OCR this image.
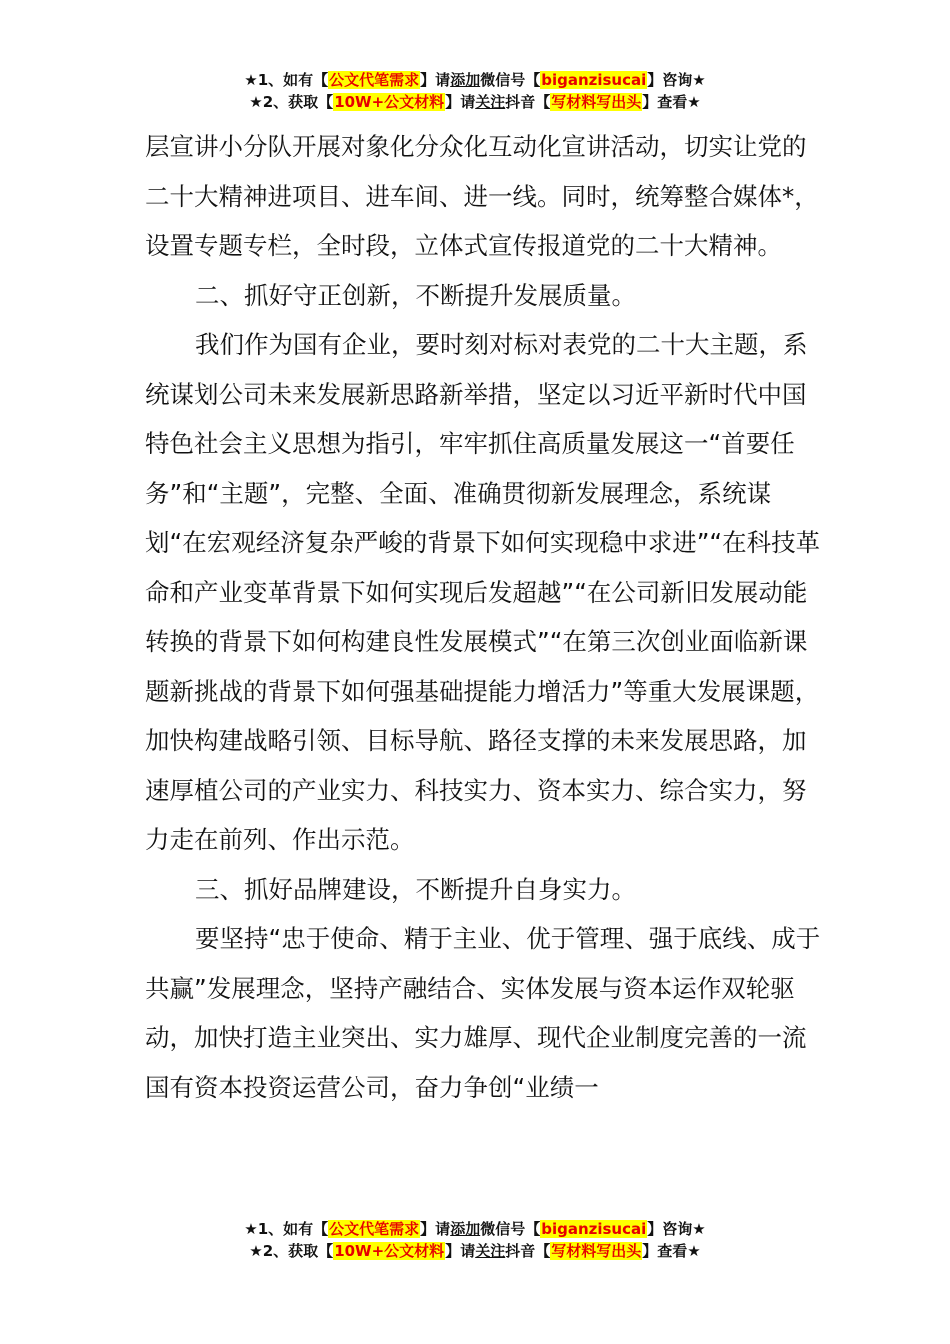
★1、如有【公文代笔需求】请添加微信号【biganzisucai】咨询★
★2、获取【10W+公文材料】请关注抖音【写材料写出头】查看★

层宣讲小分队开展对象化分众化互动化宣讲活动，切实让党的二十大精神进项目、进车间、进一线。同时，统筹整合媒体*，设置专题专栏，全时段，立体式宣传报道党的二十大精神。

二、抓好守正创新，不断提升发展质量。

我们作为国有企业，要时刻对标对表党的二十大主题，系统谋划公司未来发展新思路新举措，坚定以习近平新时代中国特色社会主义思想为指引，牢牢抓住高质量发展这一“首要任务”和“主题”，完整、全面、准确贯彻新发展理念，系统谋划“在宏观经济复杂严峻的背景下如何实现稳中求进”“在科技革命和产业变革背景下如何实现后发超越”“在公司新旧发展动能转换的背景下如何构建良性发展模式”“在第三次创业面临新课题新挑战的背景下如何强基础提能力增活力”等重大发展课题，加快构建战略引领、目标导航、路径支撑的未来发展思路，加速厚植公司的产业实力、科技实力、资本实力、综合实力，努力走在前列、作出示范。

三、抓好品牌建设，不断提升自身实力。

要坚持“忠于使命、精于主业、优于管理、强于底线、成于共赢”发展理念，坚持产融结合、实体发展与资本运作双轮驱动，加快打造主业突出、实力雄厚、现代企业制度完善的一流国有资本投资运营公司，奋力争创“业绩一

★1、如有【公文代笔需求】请添加微信号【biganzisucai】咨询★
★2、获取【10W+公文材料】请关注抖音【写材料写出头】查看★
